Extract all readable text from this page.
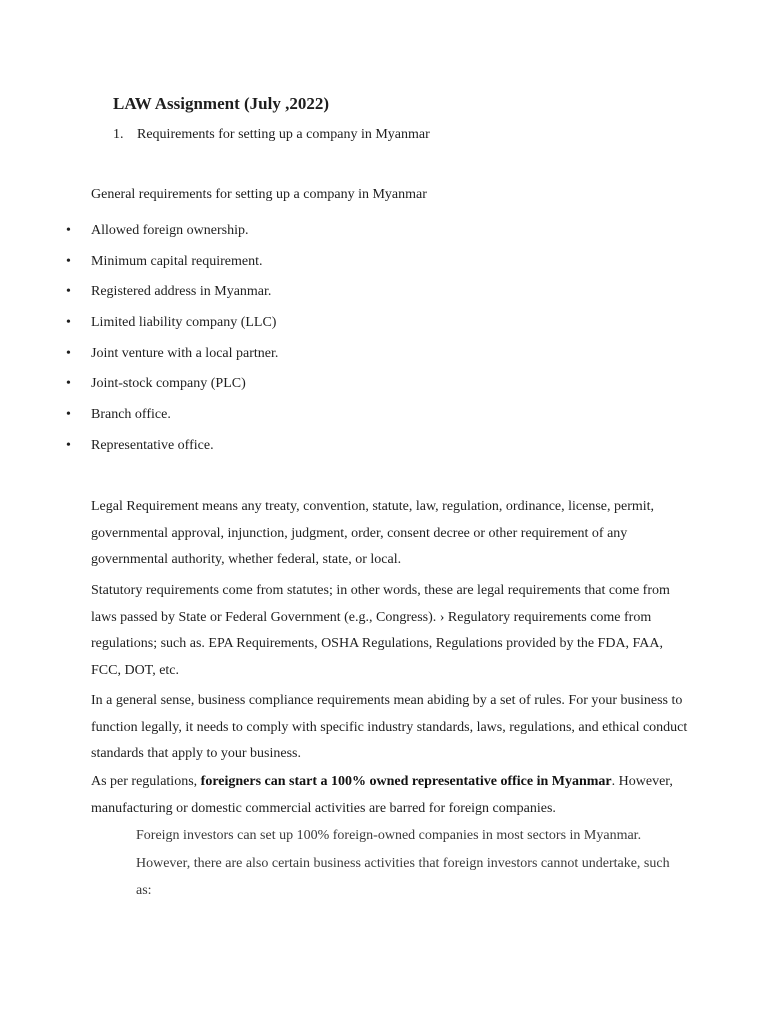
LAW Assignment (July ,2022)
1. Requirements for setting up a company in Myanmar
General requirements for setting up a company in Myanmar
• Allowed foreign ownership.
• Minimum capital requirement.
• Registered address in Myanmar.
• Limited liability company (LLC)
• Joint venture with a local partner.
• Joint-stock company (PLC)
• Branch office.
• Representative office.

Legal Requirement means any treaty, convention, statute, law, regulation, ordinance, license, permit, governmental approval, injunction, judgment, order, consent decree or other requirement of any governmental authority, whether federal, state, or local.

Statutory requirements come from statutes; in other words, these are legal requirements that come from laws passed by State or Federal Government (e.g., Congress). › Regulatory requirements come from regulations; such as. EPA Requirements, OSHA Regulations, Regulations provided by the FDA, FAA, FCC, DOT, etc.

In a general sense, business compliance requirements mean abiding by a set of rules. For your business to function legally, it needs to comply with specific industry standards, laws, regulations, and ethical conduct standards that apply to your business.

As per regulations, foreigners can start a 100% owned representative office in Myanmar. However, manufacturing or domestic commercial activities are barred for foreign companies.

Foreign investors can set up 100% foreign-owned companies in most sectors in Myanmar. However, there are also certain business activities that foreign investors cannot undertake, such as:
